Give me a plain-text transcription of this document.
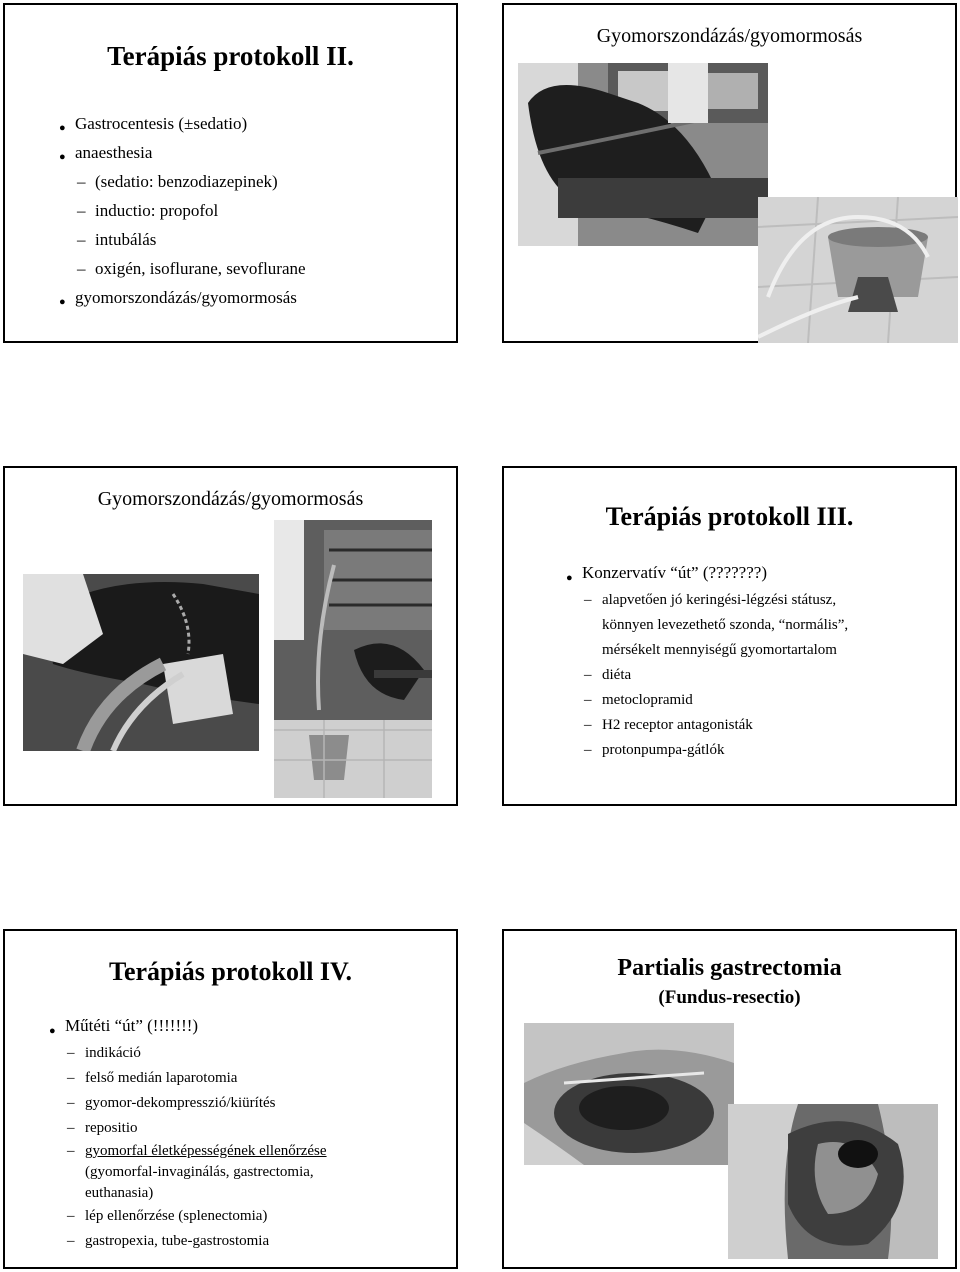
Terápiás protokoll II.
● Gastrocentesis (±sedatio)
● anaesthesia
– (sedatio: benzodiazepinek)
– inductio: propofol
– intubálás
– oxigén, isoflurane, sevoflurane
● gyomorszondázás/gyomormosás
Gyomorszondázás/gyomormosás
Gyomorszondázás/gyomormosás
Terápiás protokoll III.
● Konzervatív “út” (???????)
– alapvetően jó keringési-légzési státusz,
könnyen levezethető szonda, “normális”,
mérsékelt mennyiségű gyomortartalom
– diéta
– metoclopramid
– H2 receptor antagonisták
– protonpumpa-gátlók
Terápiás protokoll IV.
● Műtéti “út” (!!!!!!!)
– indikáció
– felső medián laparotomia
– gyomor-dekompresszió/kiürítés
– repositio
– gyomorfal életképességének ellenőrzése
(gyomorfal-invaginálás, gastrectomia,
euthanasia)
– lép ellenőrzése (splenectomia)
– gastropexia, tube-gastrostomia
Partialis gastrectomia
(Fundus-resectio)
